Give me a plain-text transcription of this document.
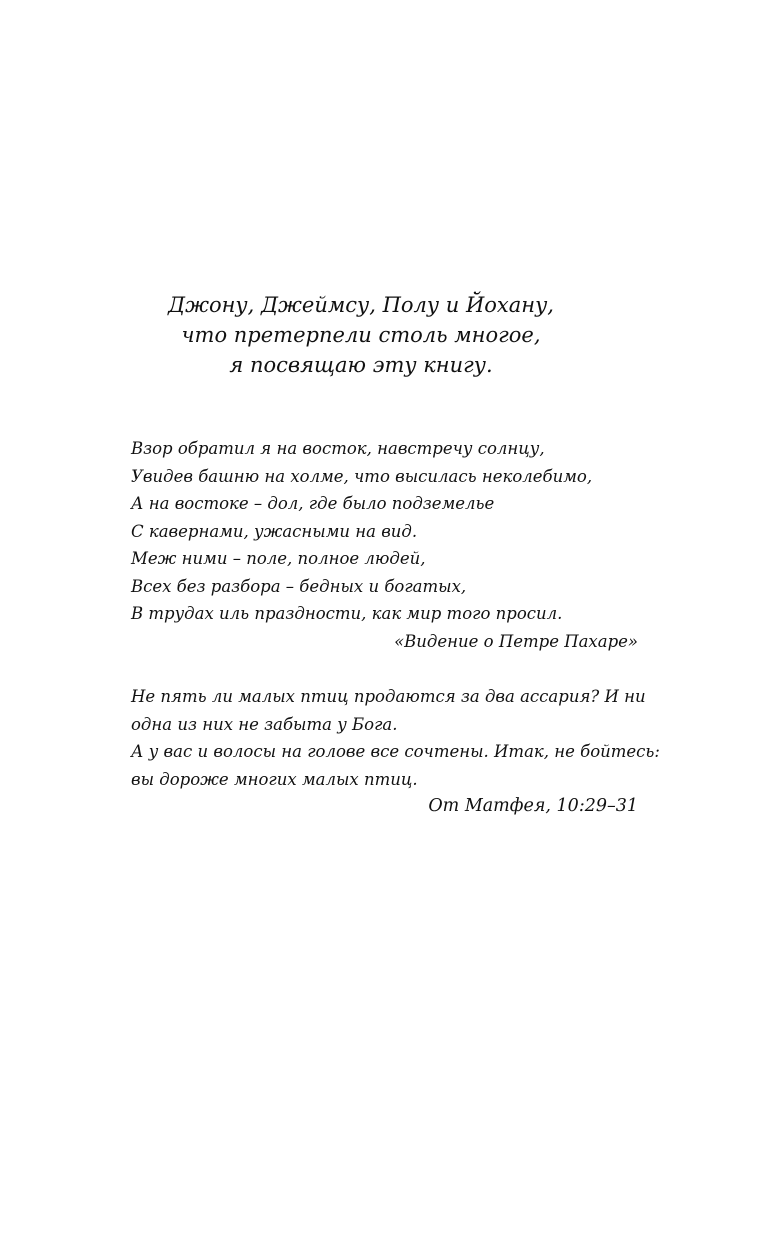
Джону, Джеймсу, Полу и Йохану,
что претерпели столь многое,
я посвящаю эту книгу.
Взор обратил я на восток, навстречу солнцу,
Увидев башню на холме, что высилась неколебимо,
А на востоке – дол, где было подземелье
С кавернами, ужасными на вид.
Меж ними – поле, полное людей,
Всех без разбора – бедных и богатых,
В трудах иль праздности, как мир того просил.
«Видение о Петре Пахаре»
Не пять ли малых птиц продаются за два ассария? И ни
одна из них не забыта у Бога.
А у вас и волосы на голове все сочтены. Итак, не бойтесь:
вы дороже многих малых птиц.
От Матфея, 10:29–31
